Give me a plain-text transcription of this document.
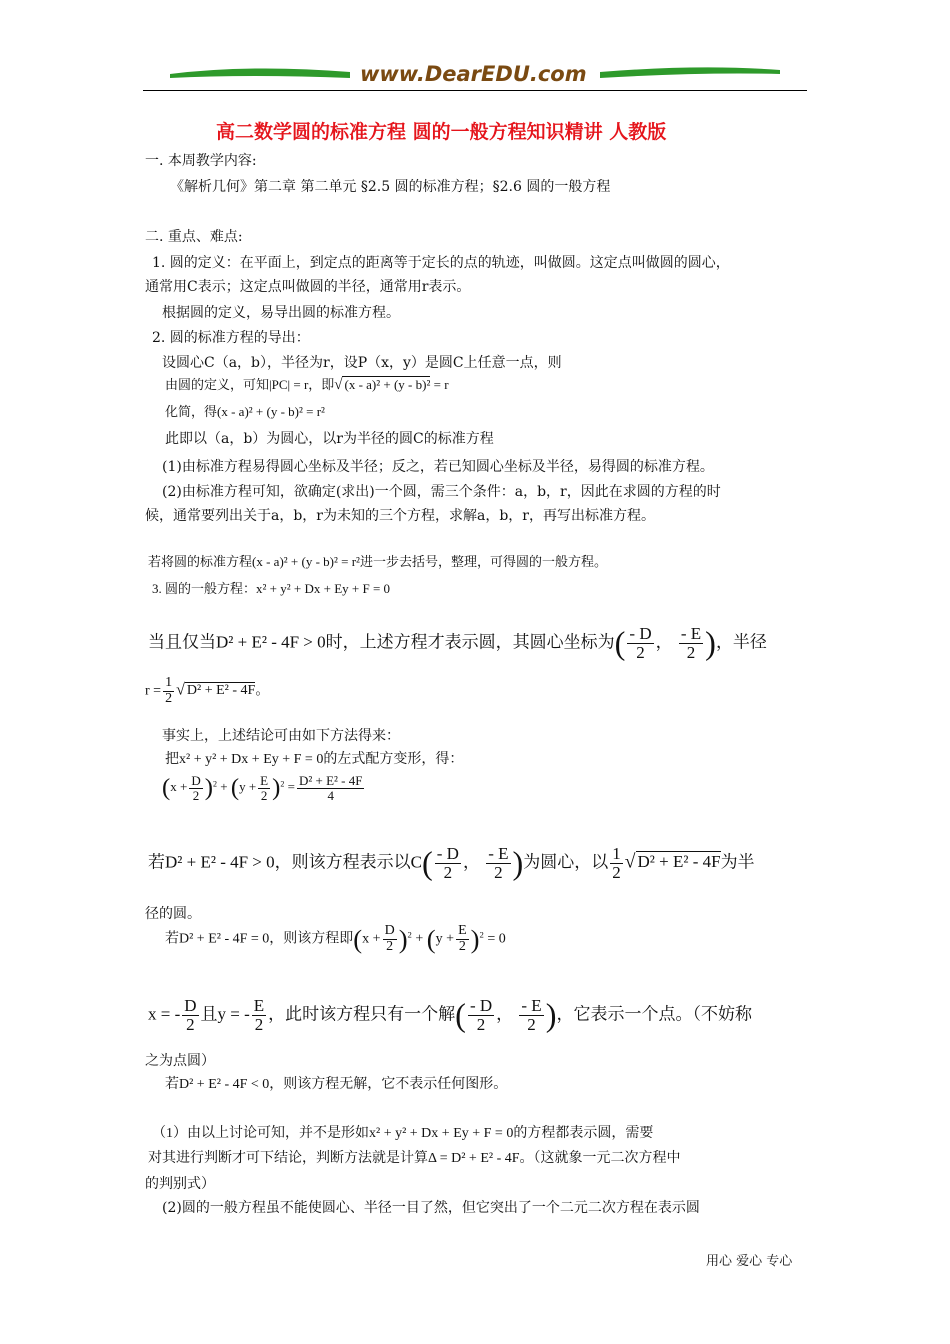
www.DearEDU.com
高二数学圆的标准方程 圆的一般方程知识精讲 人教版
一. 本周教学内容:
《解析几何》第二章 第二单元 §2.5 圆的标准方程；§2.6 圆的一般方程
二. 重点、难点:
1. 圆的定义：在平面上，到定点的距离等于定长的点的轨迹，叫做圆。这定点叫做圆的圆心，
通常用C表示；这定点叫做圆的半径，通常用r表示。
根据圆的定义，易导出圆的标准方程。
2. 圆的标准方程的导出：
设圆心C（a，b），半径为r，设P（x，y）是圆C上任意一点，则
由圆的定义，可知|PC| = r，即√ (x - a)² + (y - b)² = r
化简，得(x - a)² + (y - b)² = r²
此即以（a，b）为圆心，以r为半径的圆C的标准方程
(1)由标准方程易得圆心坐标及半径；反之，若已知圆心坐标及半径，易得圆的标准方程。
(2)由标准方程可知，欲确定(求出)一个圆，需三个条件：a，b，r，因此在求圆的方程的时
候，通常要列出关于a，b，r为未知的三个方程，求解a，b，r，再写出标准方程。
若将圆的标准方程(x - a)² + (y - b)² = r²进一步去括号，整理，可得圆的一般方程。
3. 圆的一般方程：x² + y² + Dx + Ey + F = 0
当且仅当D² + E² - 4F > 0时，上述方程才表示圆，其圆心坐标为( $\frac{- D}{2}$ ， $\frac{- E}{2}$ )，半径
$r = \frac{1}{2}$ √ D² + E² - 4F。
事实上，上述结论可由如下方法得来：
把x² + y² + Dx + Ey + F = 0的左式配方变形，得：
$(x + \frac{D}{2} )^2 + (y + \frac{E}{2} )^2 = \frac{\text{D² + E² - 4F}}{4}$
若D² + E² - 4F > 0，则该方程表示以$C( \frac{- D}{2}$ ， $\frac{- E}{2}$ )为圆心，以 $\frac{1}{2}$ √ D² + E² - 4F为半
径的圆。
若D² + E² - 4F = 0，则该方程即$(x + \frac{D}{2} )^2 + (y + \frac{E}{2} )^2 = 0$
x = - $\frac{D}{2}$ 且y = - $\frac{E}{2}$ ，此时该方程只有一个解( $\frac{- D}{2}$ ， $\frac{- E}{2}$ )，它表示一个点。（不妨称
之为点圆）
若D² + E² - 4F < 0，则该方程无解，它不表示任何图形。
（1）由以上讨论可知，并不是形如x² + y² + Dx + Ey + F = 0的方程都表示圆，需要
对其进行判断才可下结论，判断方法就是计算Δ = D² + E² - 4F。（这就象一元二次方程中
的判别式）
(2)圆的一般方程虽不能使圆心、半径一目了然，但它突出了一个二元二次方程在表示圆
用心 爱心 专心
